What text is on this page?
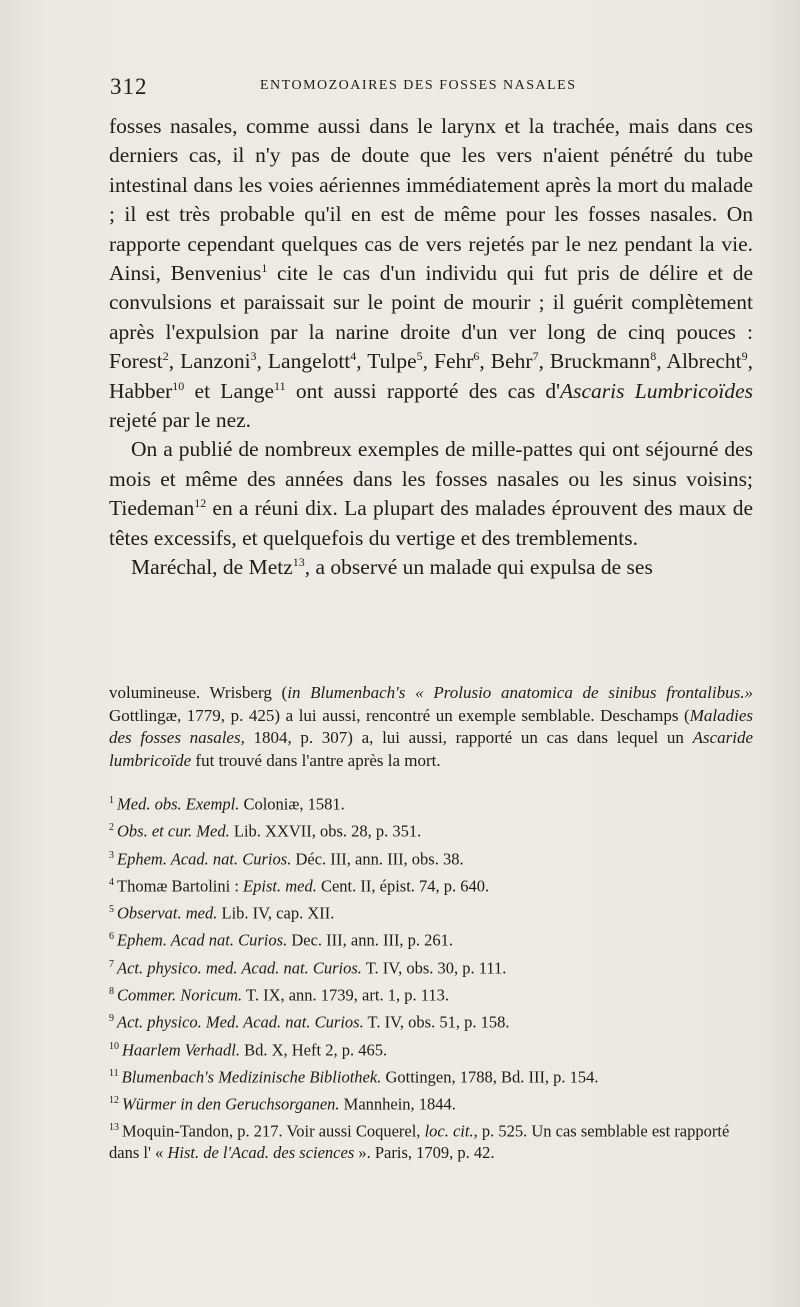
312	ENTOMOZOAIRES DES FOSSES NASALES

fosses nasales, comme aussi dans le larynx et la trachée, mais dans ces derniers cas, il n'y pas de doute que les vers n'aient pénétré du tube intestinal dans les voies aériennes immédiatement après la mort du malade ; il est très probable qu'il en est de même pour les fosses nasales. On rapporte cependant quelques cas de vers rejetés par le nez pendant la vie. Ainsi, Benvenius$^1$ cite le cas d'un individu qui fut pris de délire et de convulsions et paraissait sur le point de mourir ; il guérit complètement après l'expulsion par la narine droite d'un ver long de cinq pouces : Forest$^2$, Lanzoni$^3$, Langelott$^4$, Tulpe$^5$, Fehr$^6$, Behr$^7$, Bruckmann$^8$, Albrecht$^9$, Habber$^{10}$ et Lange$^{11}$ ont aussi rapporté des cas d'Ascaris Lumbricoïdes rejeté par le nez.

On a publié de nombreux exemples de mille-pattes qui ont séjourné des mois et même des années dans les fosses nasales ou les sinus voisins; Tiedeman$^{12}$ en a réuni dix. La plupart des malades éprouvent des maux de têtes excessifs, et quelquefois du vertige et des tremblements.

Maréchal, de Metz$^{13}$, a observé un malade qui expulsa de ses

volumineuse. Wrisberg (in Blumenbach's « Prolusio anatomica de sinibus frontalibus.» Gottlingæ, 1779, p. 425) a lui aussi, rencontré un exemple semblable. Deschamps (Maladies des fosses nasales, 1804, p. 307) a, lui aussi, rapporté un cas dans lequel un Ascaride lumbricoïde fut trouvé dans l'antre après la mort.

$^1$ Med. obs. Exempl. Coloniæ, 1581.

$^2$ Obs. et cur. Med. Lib. XXVII, obs. 28, p. 351.

$^3$ Ephem. Acad. nat. Curios. Déc. III, ann. III, obs. 38.

$^4$ Thomæ Bartolini : Epist. med. Cent. II, épist. 74, p. 640.

$^5$ Observat. med. Lib. IV, cap. XII.

$^6$ Ephem. Acad nat. Curios. Dec. III, ann. III, p. 261.

$^7$ Act. physico. med. Acad. nat. Curios. T. IV, obs. 30, p. 111.

$^8$ Commer. Noricum. T. IX, ann. 1739, art. 1, p. 113.

$^9$ Act. physico. Med. Acad. nat. Curios. T. IV, obs. 51, p. 158.

$^{10}$ Haarlem Verhadl. Bd. X, Heft 2, p. 465.

$^{11}$ Blumenbach's Medizinische Bibliothek. Gottingen, 1788, Bd. III, p. 154.

$^{12}$ Würmer in den Geruchsorganen. Mannhein, 1844.

$^{13}$ Moquin-Tandon, p. 217. Voir aussi Coquerel, loc. cit., p. 525. Un cas semblable est rapporté dans l' « Hist. de l'Acad. des sciences ». Paris, 1709, p. 42.
